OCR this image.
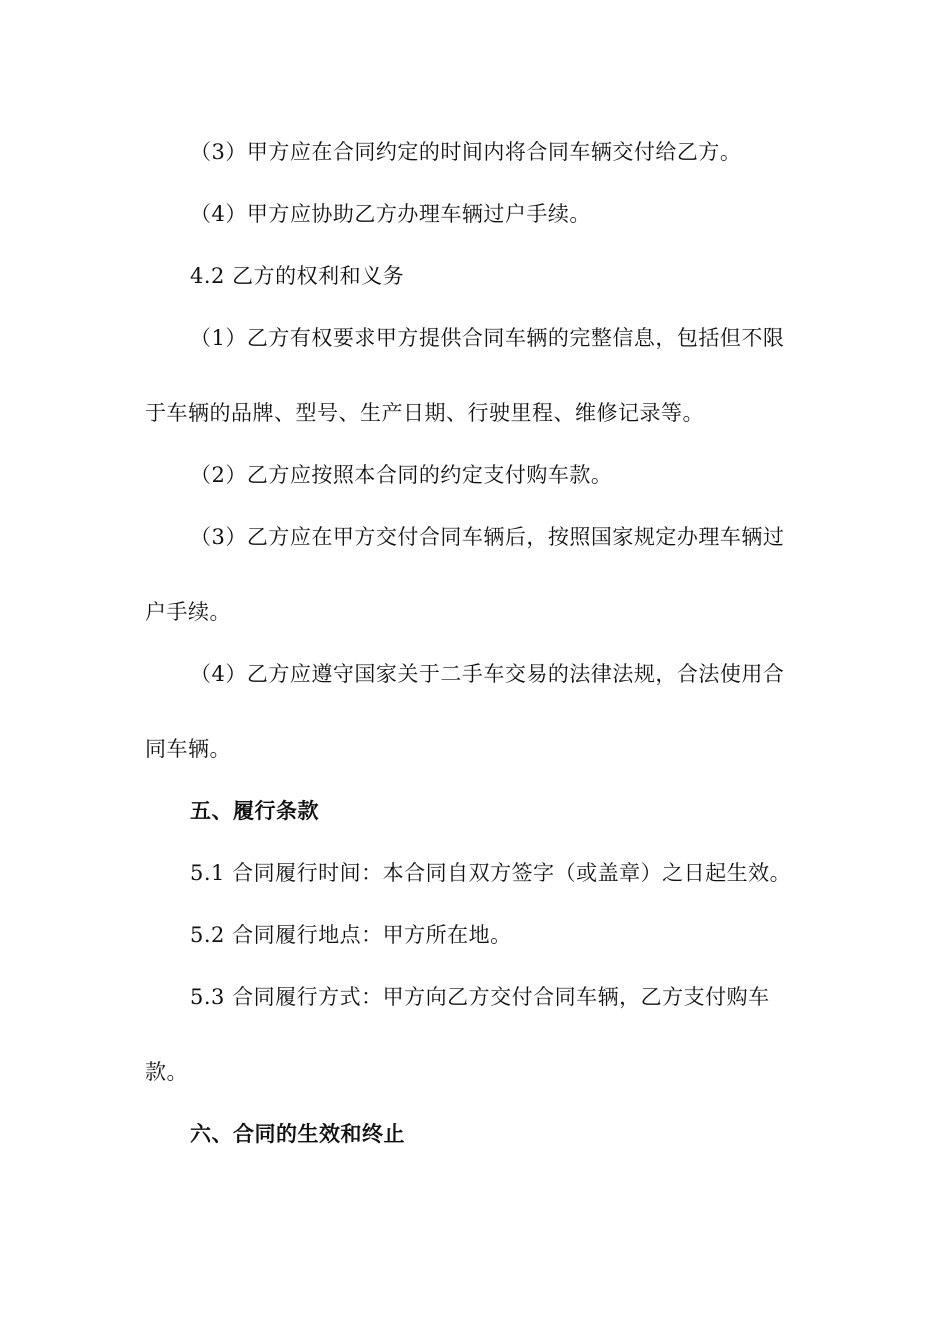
（3）甲方应在合同约定的时间内将合同车辆交付给乙方。
（4）甲方应协助乙方办理车辆过户手续。
4.2 乙方的权利和义务
（1）乙方有权要求甲方提供合同车辆的完整信息，包括但不限
于车辆的品牌、型号、生产日期、行驶里程、维修记录等。
（2）乙方应按照本合同的约定支付购车款。
（3）乙方应在甲方交付合同车辆后，按照国家规定办理车辆过
户手续。
（4）乙方应遵守国家关于二手车交易的法律法规，合法使用合
同车辆。
五、履行条款
5.1 合同履行时间：本合同自双方签字（或盖章）之日起生效。
5.2 合同履行地点：甲方所在地。
5.3 合同履行方式：甲方向乙方交付合同车辆，乙方支付购车
款。
六、合同的生效和终止
